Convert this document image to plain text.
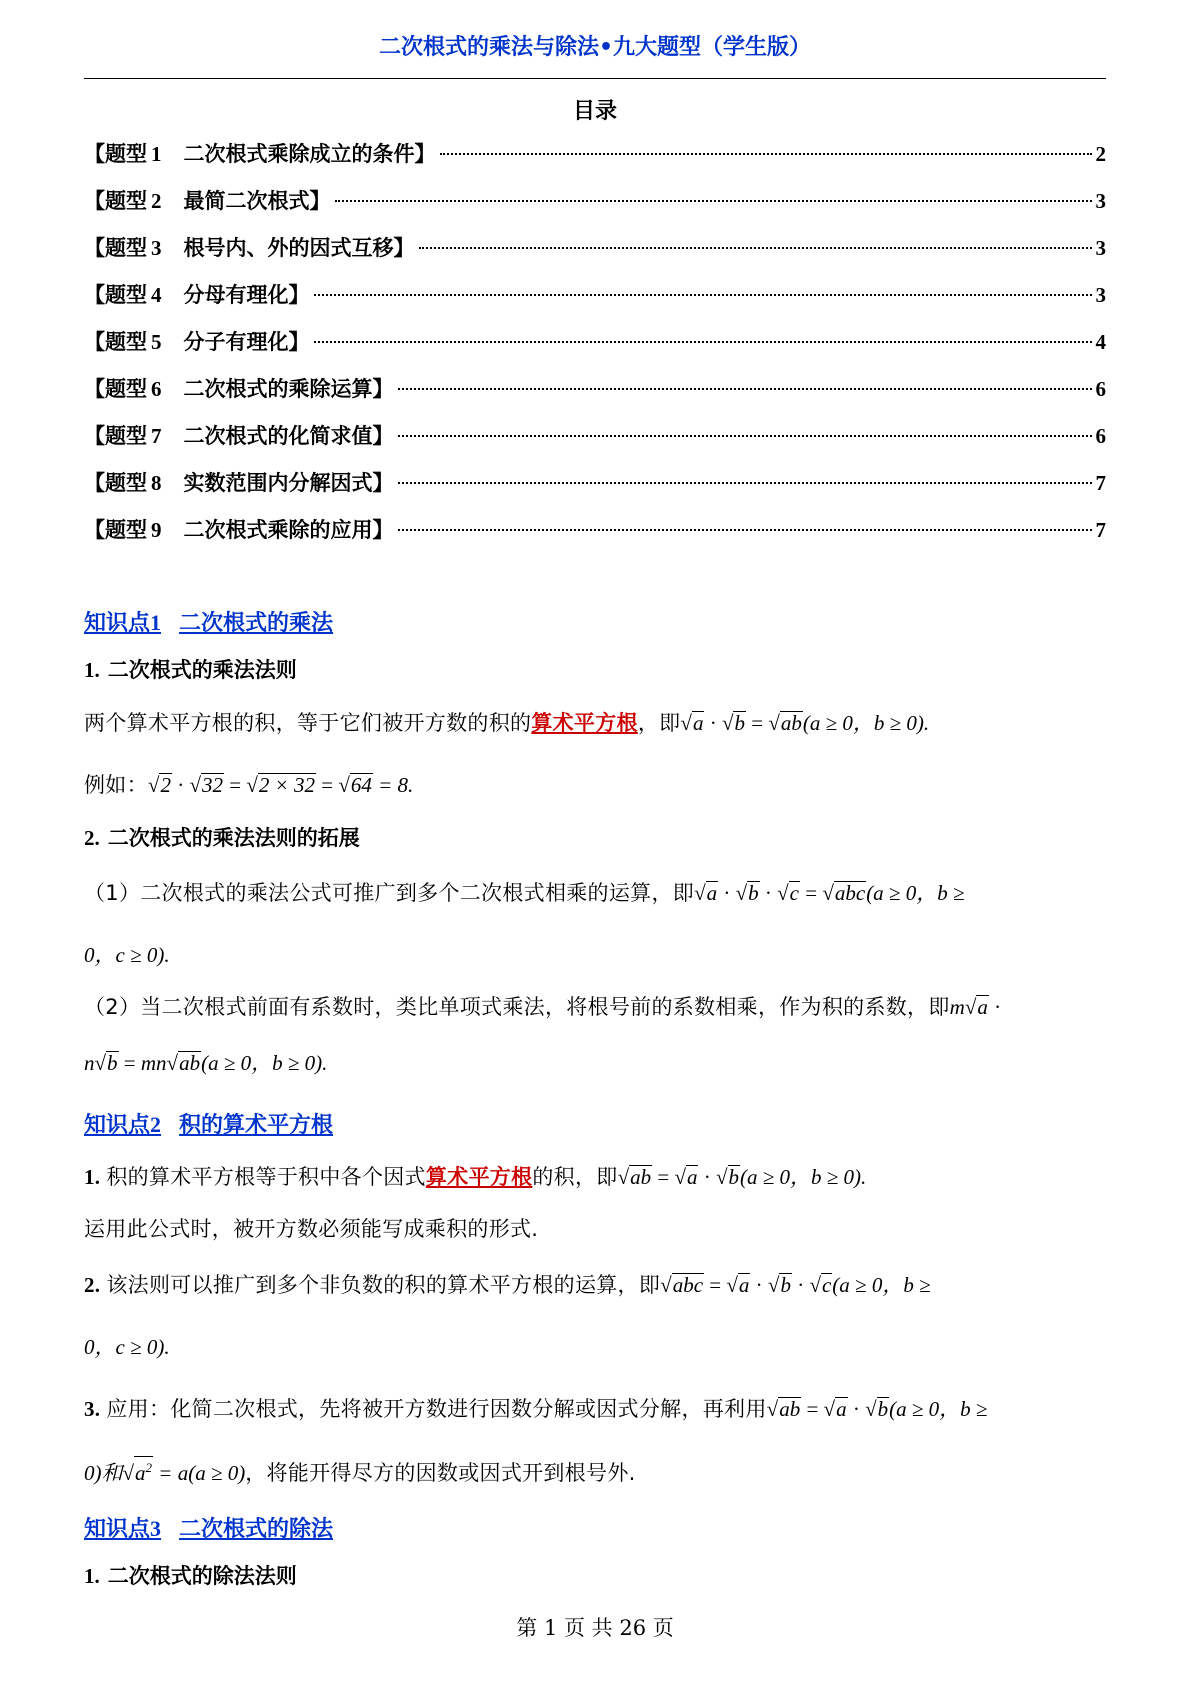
二次根式的乘法与除法•九大题型（学生版）
目录
【题型 1 二次根式乘除成立的条件】	2
【题型 2 最简二次根式】	3
【题型 3 根号内、外的因式互移】	3
【题型 4 分母有理化】	3
【题型 5 分子有理化】	4
【题型 6 二次根式的乘除运算】	6
【题型 7 二次根式的化简求值】	6
【题型 8 实数范围内分解因式】	7
【题型 9 二次根式乘除的应用】	7
知识点1 二次根式的乘法
1. 二次根式的乘法法则
两个算术平方根的积，等于它们被开方数的积的算术平方根，即√a · √b = √ab(a ≥ 0，b ≥ 0).
例如：√2 · √32 = √2 × 32 = √64 = 8.
2. 二次根式的乘法法则的拓展
（1）二次根式的乘法公式可推广到多个二次根式相乘的运算，即√a · √b · √c = √abc(a ≥ 0，b ≥
0，c ≥ 0).
（2）当二次根式前面有系数时，类比单项式乘法，将根号前的系数相乘，作为积的系数，即m√a ·
n√b = mn√ab(a ≥ 0，b ≥ 0).
知识点2 积的算术平方根
1. 积的算术平方根等于积中各个因式算术平方根的积，即√ab = √a · √b(a ≥ 0，b ≥ 0).
运用此公式时，被开方数必须能写成乘积的形式.
2. 该法则可以推广到多个非负数的积的算术平方根的运算，即√abc = √a · √b · √c(a ≥ 0，b ≥
0，c ≥ 0).
3. 应用：化简二次根式，先将被开方数进行因数分解或因式分解，再利用√ab = √a · √b(a ≥ 0，b ≥
0)和$√a^2 = a(a \ge 0)$，将能开得尽方的因数或因式开到根号外.
知识点3 二次根式的除法
1. 二次根式的除法法则
第 1 页 共 26 页
